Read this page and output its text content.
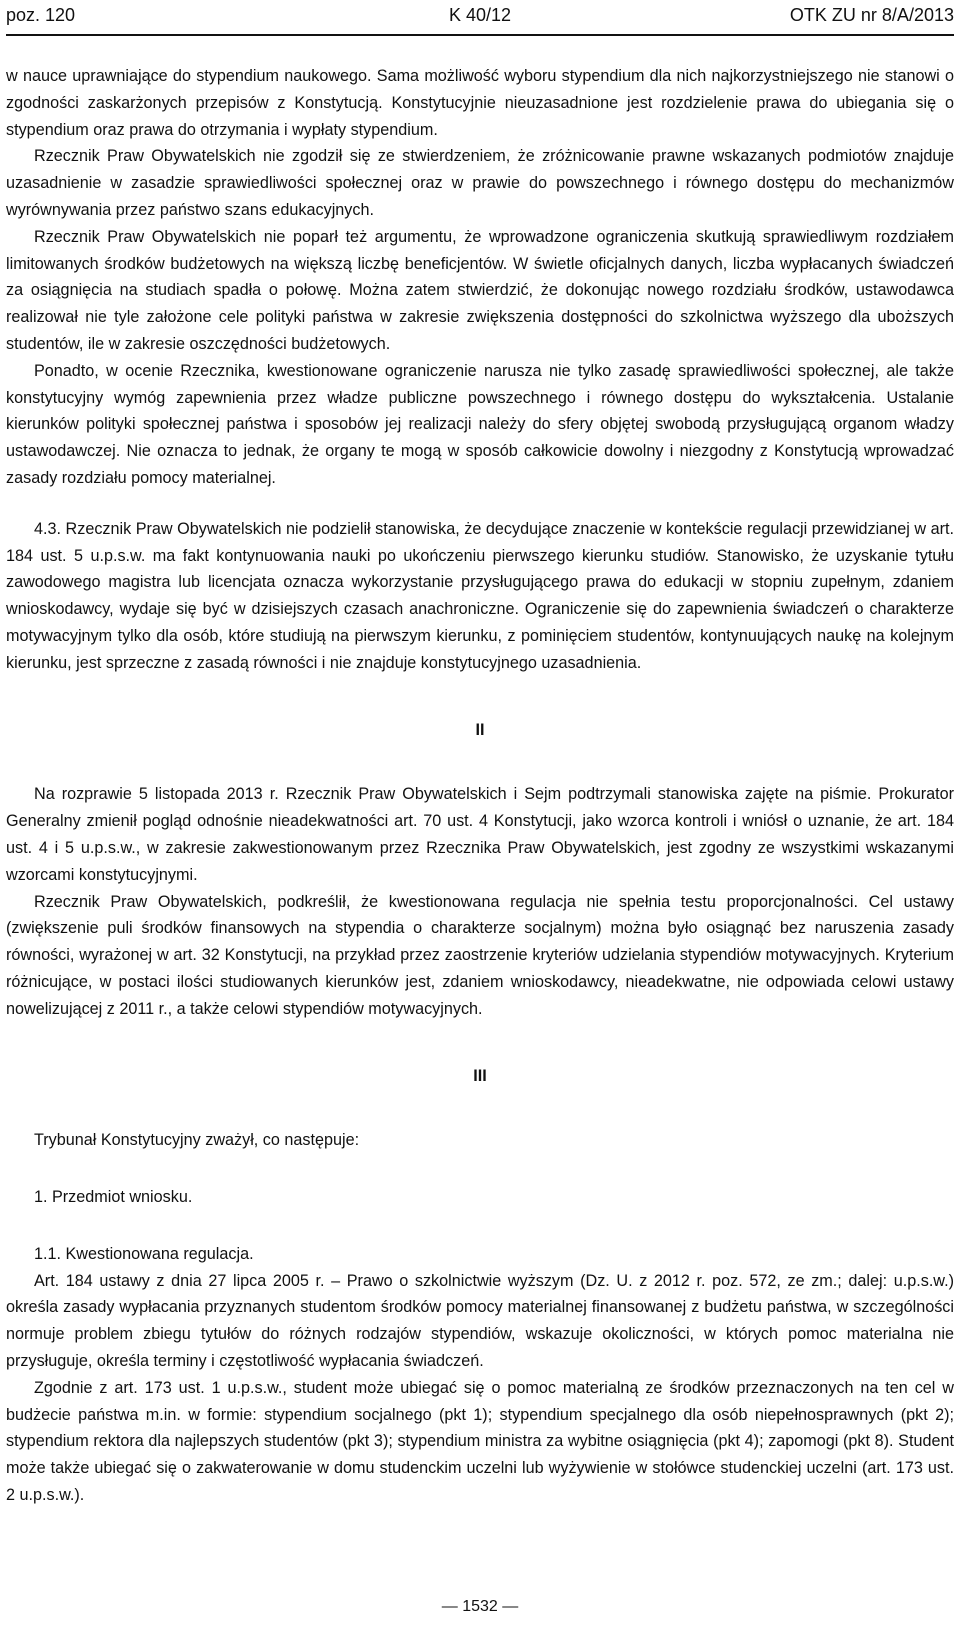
poz. 120	K 40/12	OTK ZU nr 8/A/2013

w nauce uprawniające do stypendium naukowego. Sama możliwość wyboru stypendium dla nich najkorzystniejszego nie stanowi o zgodności zaskarżonych przepisów z Konstytucją. Konstytucyjnie nieuzasadnione jest rozdzielenie prawa do ubiegania się o stypendium oraz prawa do otrzymania i wypłaty stypendium.

Rzecznik Praw Obywatelskich nie zgodził się ze stwierdzeniem, że zróżnicowanie prawne wskazanych podmiotów znajduje uzasadnienie w zasadzie sprawiedliwości społecznej oraz w prawie do powszechnego i równego dostępu do mechanizmów wyrównywania przez państwo szans edukacyjnych.

Rzecznik Praw Obywatelskich nie poparł też argumentu, że wprowadzone ograniczenia skutkują sprawiedliwym rozdziałem limitowanych środków budżetowych na większą liczbę beneficjentów. W świetle oficjalnych danych, liczba wypłacanych świadczeń za osiągnięcia na studiach spadła o połowę. Można zatem stwierdzić, że dokonując nowego rozdziału środków, ustawodawca realizował nie tyle założone cele polityki państwa w zakresie zwiększenia dostępności do szkolnictwa wyższego dla uboższych studentów, ile w zakresie oszczędności budżetowych.

Ponadto, w ocenie Rzecznika, kwestionowane ograniczenie narusza nie tylko zasadę sprawiedliwości społecznej, ale także konstytucyjny wymóg zapewnienia przez władze publiczne powszechnego i równego dostępu do wykształcenia. Ustalanie kierunków polityki społecznej państwa i sposobów jej realizacji należy do sfery objętej swobodą przysługującą organom władzy ustawodawczej. Nie oznacza to jednak, że organy te mogą w sposób całkowicie dowolny i niezgodny z Konstytucją wprowadzać zasady rozdziału pomocy materialnej.

4.3. Rzecznik Praw Obywatelskich nie podzielił stanowiska, że decydujące znaczenie w kontekście regulacji przewidzianej w art. 184 ust. 5 u.p.s.w. ma fakt kontynuowania nauki po ukończeniu pierwszego kierunku studiów. Stanowisko, że uzyskanie tytułu zawodowego magistra lub licencjata oznacza wykorzystanie przysługującego prawa do edukacji w stopniu zupełnym, zdaniem wnioskodawcy, wydaje się być w dzisiejszych czasach anachroniczne. Ograniczenie się do zapewnienia świadczeń o charakterze motywacyjnym tylko dla osób, które studiują na pierwszym kierunku, z pominięciem studentów, kontynuujących naukę na kolejnym kierunku, jest sprzeczne z zasadą równości i nie znajduje konstytucyjnego uzasadnienia.

II

Na rozprawie 5 listopada 2013 r. Rzecznik Praw Obywatelskich i Sejm podtrzymali stanowiska zajęte na piśmie. Prokurator Generalny zmienił pogląd odnośnie nieadekwatności art. 70 ust. 4 Konstytucji, jako wzorca kontroli i wniósł o uznanie, że art. 184 ust. 4 i 5 u.p.s.w., w zakresie zakwestionowanym przez Rzecznika Praw Obywatelskich, jest zgodny ze wszystkimi wskazanymi wzorcami konstytucyjnymi.

Rzecznik Praw Obywatelskich, podkreślił, że kwestionowana regulacja nie spełnia testu proporcjonalności. Cel ustawy (zwiększenie puli środków finansowych na stypendia o charakterze socjalnym) można było osiągnąć bez naruszenia zasady równości, wyrażonej w art. 32 Konstytucji, na przykład przez zaostrzenie kryteriów udzielania stypendiów motywacyjnych. Kryterium różnicujące, w postaci ilości studiowanych kierunków jest, zdaniem wnioskodawcy, nieadekwatne, nie odpowiada celowi ustawy nowelizującej z 2011 r., a także celowi stypendiów motywacyjnych.

III

Trybunał Konstytucyjny zważył, co następuje:

1. Przedmiot wniosku.

1.1. Kwestionowana regulacja.

Art. 184 ustawy z dnia 27 lipca 2005 r. – Prawo o szkolnictwie wyższym (Dz. U. z 2012 r. poz. 572, ze zm.; dalej: u.p.s.w.) określa zasady wypłacania przyznanych studentom środków pomocy materialnej finansowanej z budżetu państwa, w szczególności normuje problem zbiegu tytułów do różnych rodzajów stypendiów, wskazuje okoliczności, w których pomoc materialna nie przysługuje, określa terminy i częstotliwość wypłacania świadczeń.

Zgodnie z art. 173 ust. 1 u.p.s.w., student może ubiegać się o pomoc materialną ze środków przeznaczonych na ten cel w budżecie państwa m.in. w formie: stypendium socjalnego (pkt 1); stypendium specjalnego dla osób niepełnosprawnych (pkt 2); stypendium rektora dla najlepszych studentów (pkt 3); stypendium ministra za wybitne osiągnięcia (pkt 4); zapomogi (pkt 8). Student może także ubiegać się o zakwaterowanie w domu studenckim uczelni lub wyżywienie w stołówce studenckiej uczelni (art. 173 ust. 2 u.p.s.w.).

— 1532 —
